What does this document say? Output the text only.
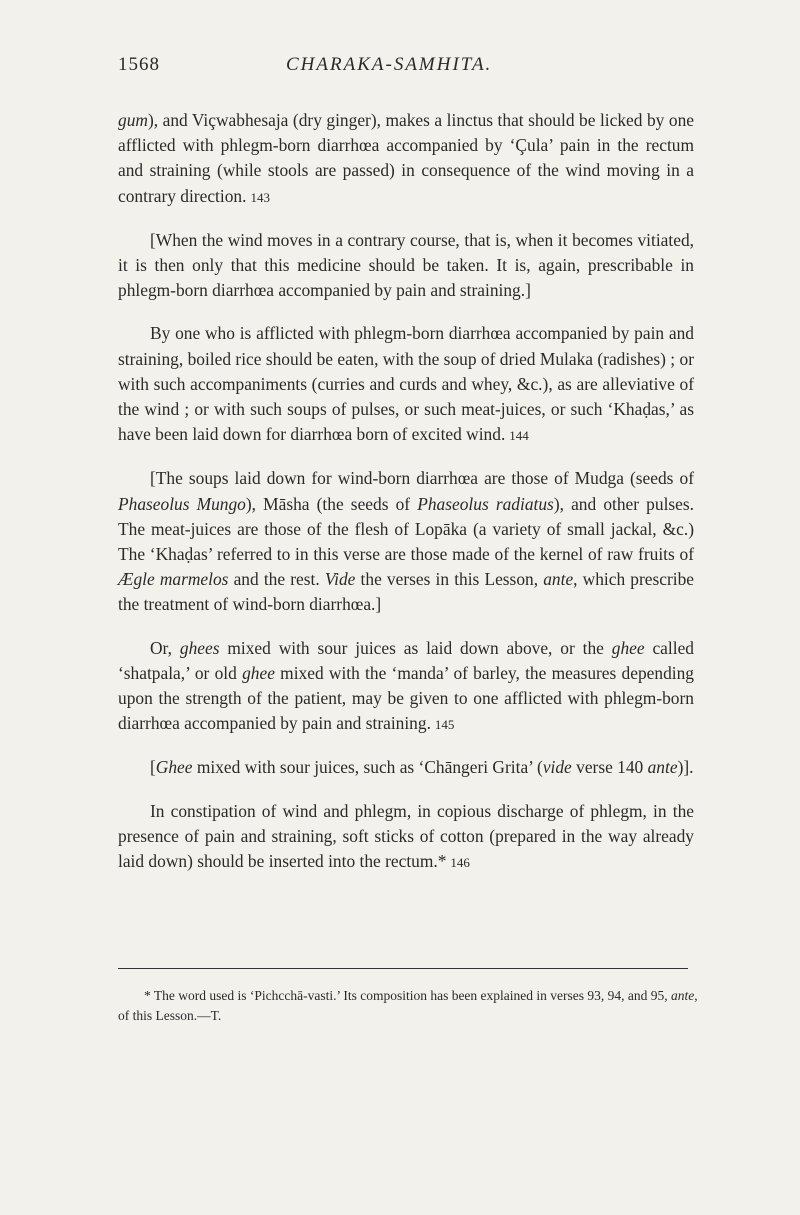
1568	CHARAKA-SAMHITA.

gum), and Viçwabhesaja (dry ginger), makes a linctus that should be licked by one afflicted with phlegm-born diarrhœa accompanied by ‘Çula’ pain in the rectum and straining (while stools are passed) in consequence of the wind moving in a contrary direction. 143

[When the wind moves in a contrary course, that is, when it becomes vitiated, it is then only that this medicine should be taken. It is, again, prescribable in phlegm-born diarrhœa accompanied by pain and straining.]

By one who is afflicted with phlegm-born diarrhœa accompanied by pain and straining, boiled rice should be eaten, with the soup of dried Mulaka (radishes) ; or with such accompaniments (curries and curds and whey, &c.), as are alleviative of the wind ; or with such soups of pulses, or such meat-juices, or such ‘Khaḍas,’ as have been laid down for diarrhœa born of excited wind. 144

[The soups laid down for wind-born diarrhœa are those of Mudga (seeds of Phaseolus Mungo), Māsha (the seeds of Phaseolus radiatus), and other pulses. The meat-juices are those of the flesh of Lopāka (a variety of small jackal, &c.) The ‘Khaḍas’ referred to in this verse are those made of the kernel of raw fruits of Ægle marmelos and the rest. Vide the verses in this Lesson, ante, which prescribe the treatment of wind-born diarrhœa.]

Or, ghees mixed with sour juices as laid down above, or the ghee called ‘shatpala,’ or old ghee mixed with the ‘manda’ of barley, the measures depending upon the strength of the patient, may be given to one afflicted with phlegm-born diarrhœa accompanied by pain and straining. 145

[Ghee mixed with sour juices, such as ‘Chāngeri Grita’ (vide verse 140 ante)].

In constipation of wind and phlegm, in copious discharge of phlegm, in the presence of pain and straining, soft sticks of cotton (prepared in the way already laid down) should be inserted into the rectum.* 146

* The word used is ‘Pichcchā-vasti.’ Its composition has been explained in verses 93, 94, and 95, ante, of this Lesson.—T.
